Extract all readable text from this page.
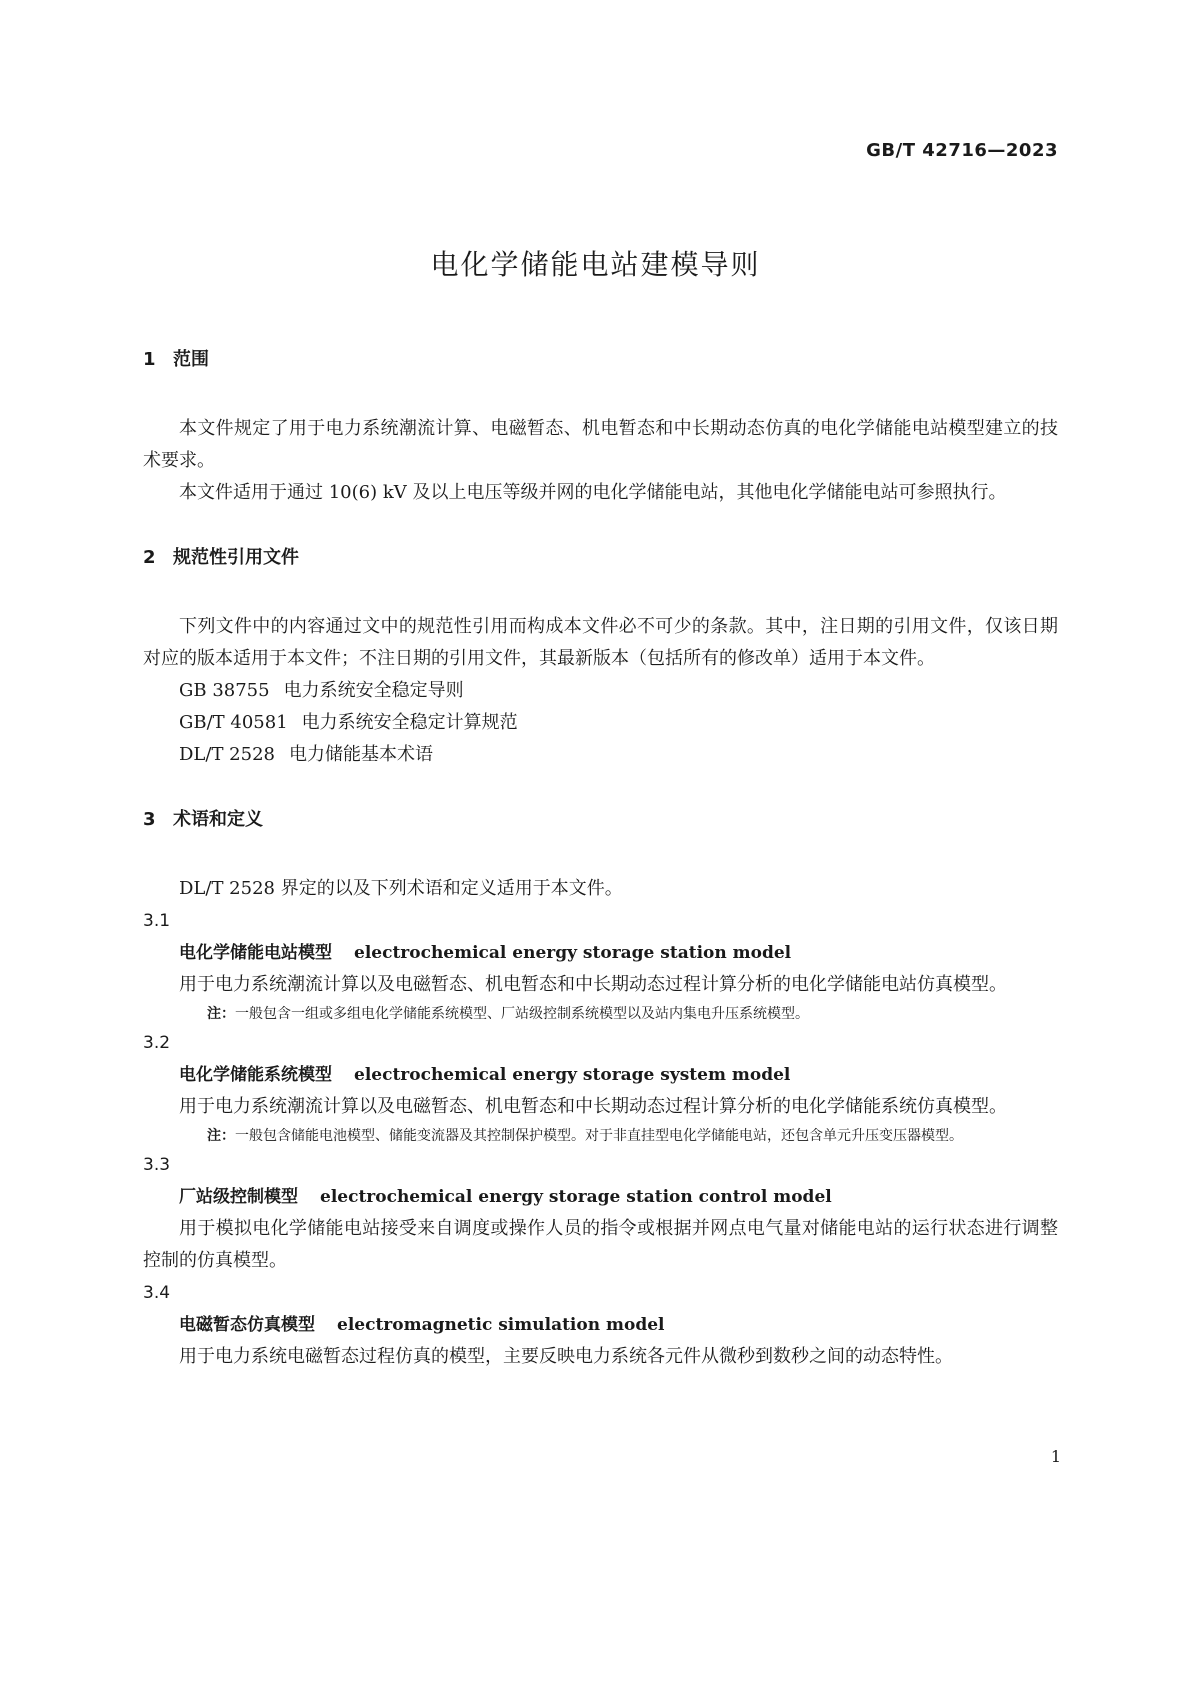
GB/T 42716—2023
电化学储能电站建模导则
1 范围

本文件规定了用于电力系统潮流计算、电磁暂态、机电暂态和中长期动态仿真的电化学储能电站模型建立的技术要求。

本文件适用于通过 10(6) kV 及以上电压等级并网的电化学储能电站，其他电化学储能电站可参照执行。

2 规范性引用文件

下列文件中的内容通过文中的规范性引用而构成本文件必不可少的条款。其中，注日期的引用文件，仅该日期对应的版本适用于本文件；不注日期的引用文件，其最新版本（包括所有的修改单）适用于本文件。

GB 38755 电力系统安全稳定导则
GB/T 40581 电力系统安全稳定计算规范
DL/T 2528 电力储能基本术语
3 术语和定义

DL/T 2528 界定的以及下列术语和定义适用于本文件。

3.1
电化学储能电站模型 electrochemical energy storage station model

用于电力系统潮流计算以及电磁暂态、机电暂态和中长期动态过程计算分析的电化学储能电站仿真模型。

注：一般包含一组或多组电化学储能系统模型、厂站级控制系统模型以及站内集电升压系统模型。
3.2
电化学储能系统模型 electrochemical energy storage system model

用于电力系统潮流计算以及电磁暂态、机电暂态和中长期动态过程计算分析的电化学储能系统仿真模型。

注：一般包含储能电池模型、储能变流器及其控制保护模型。对于非直挂型电化学储能电站，还包含单元升压变压器模型。
3.3
厂站级控制模型 electrochemical energy storage station control model

用于模拟电化学储能电站接受来自调度或操作人员的指令或根据并网点电气量对储能电站的运行状态进行调整控制的仿真模型。

3.4
电磁暂态仿真模型 electromagnetic simulation model

用于电力系统电磁暂态过程仿真的模型，主要反映电力系统各元件从微秒到数秒之间的动态特性。

1
